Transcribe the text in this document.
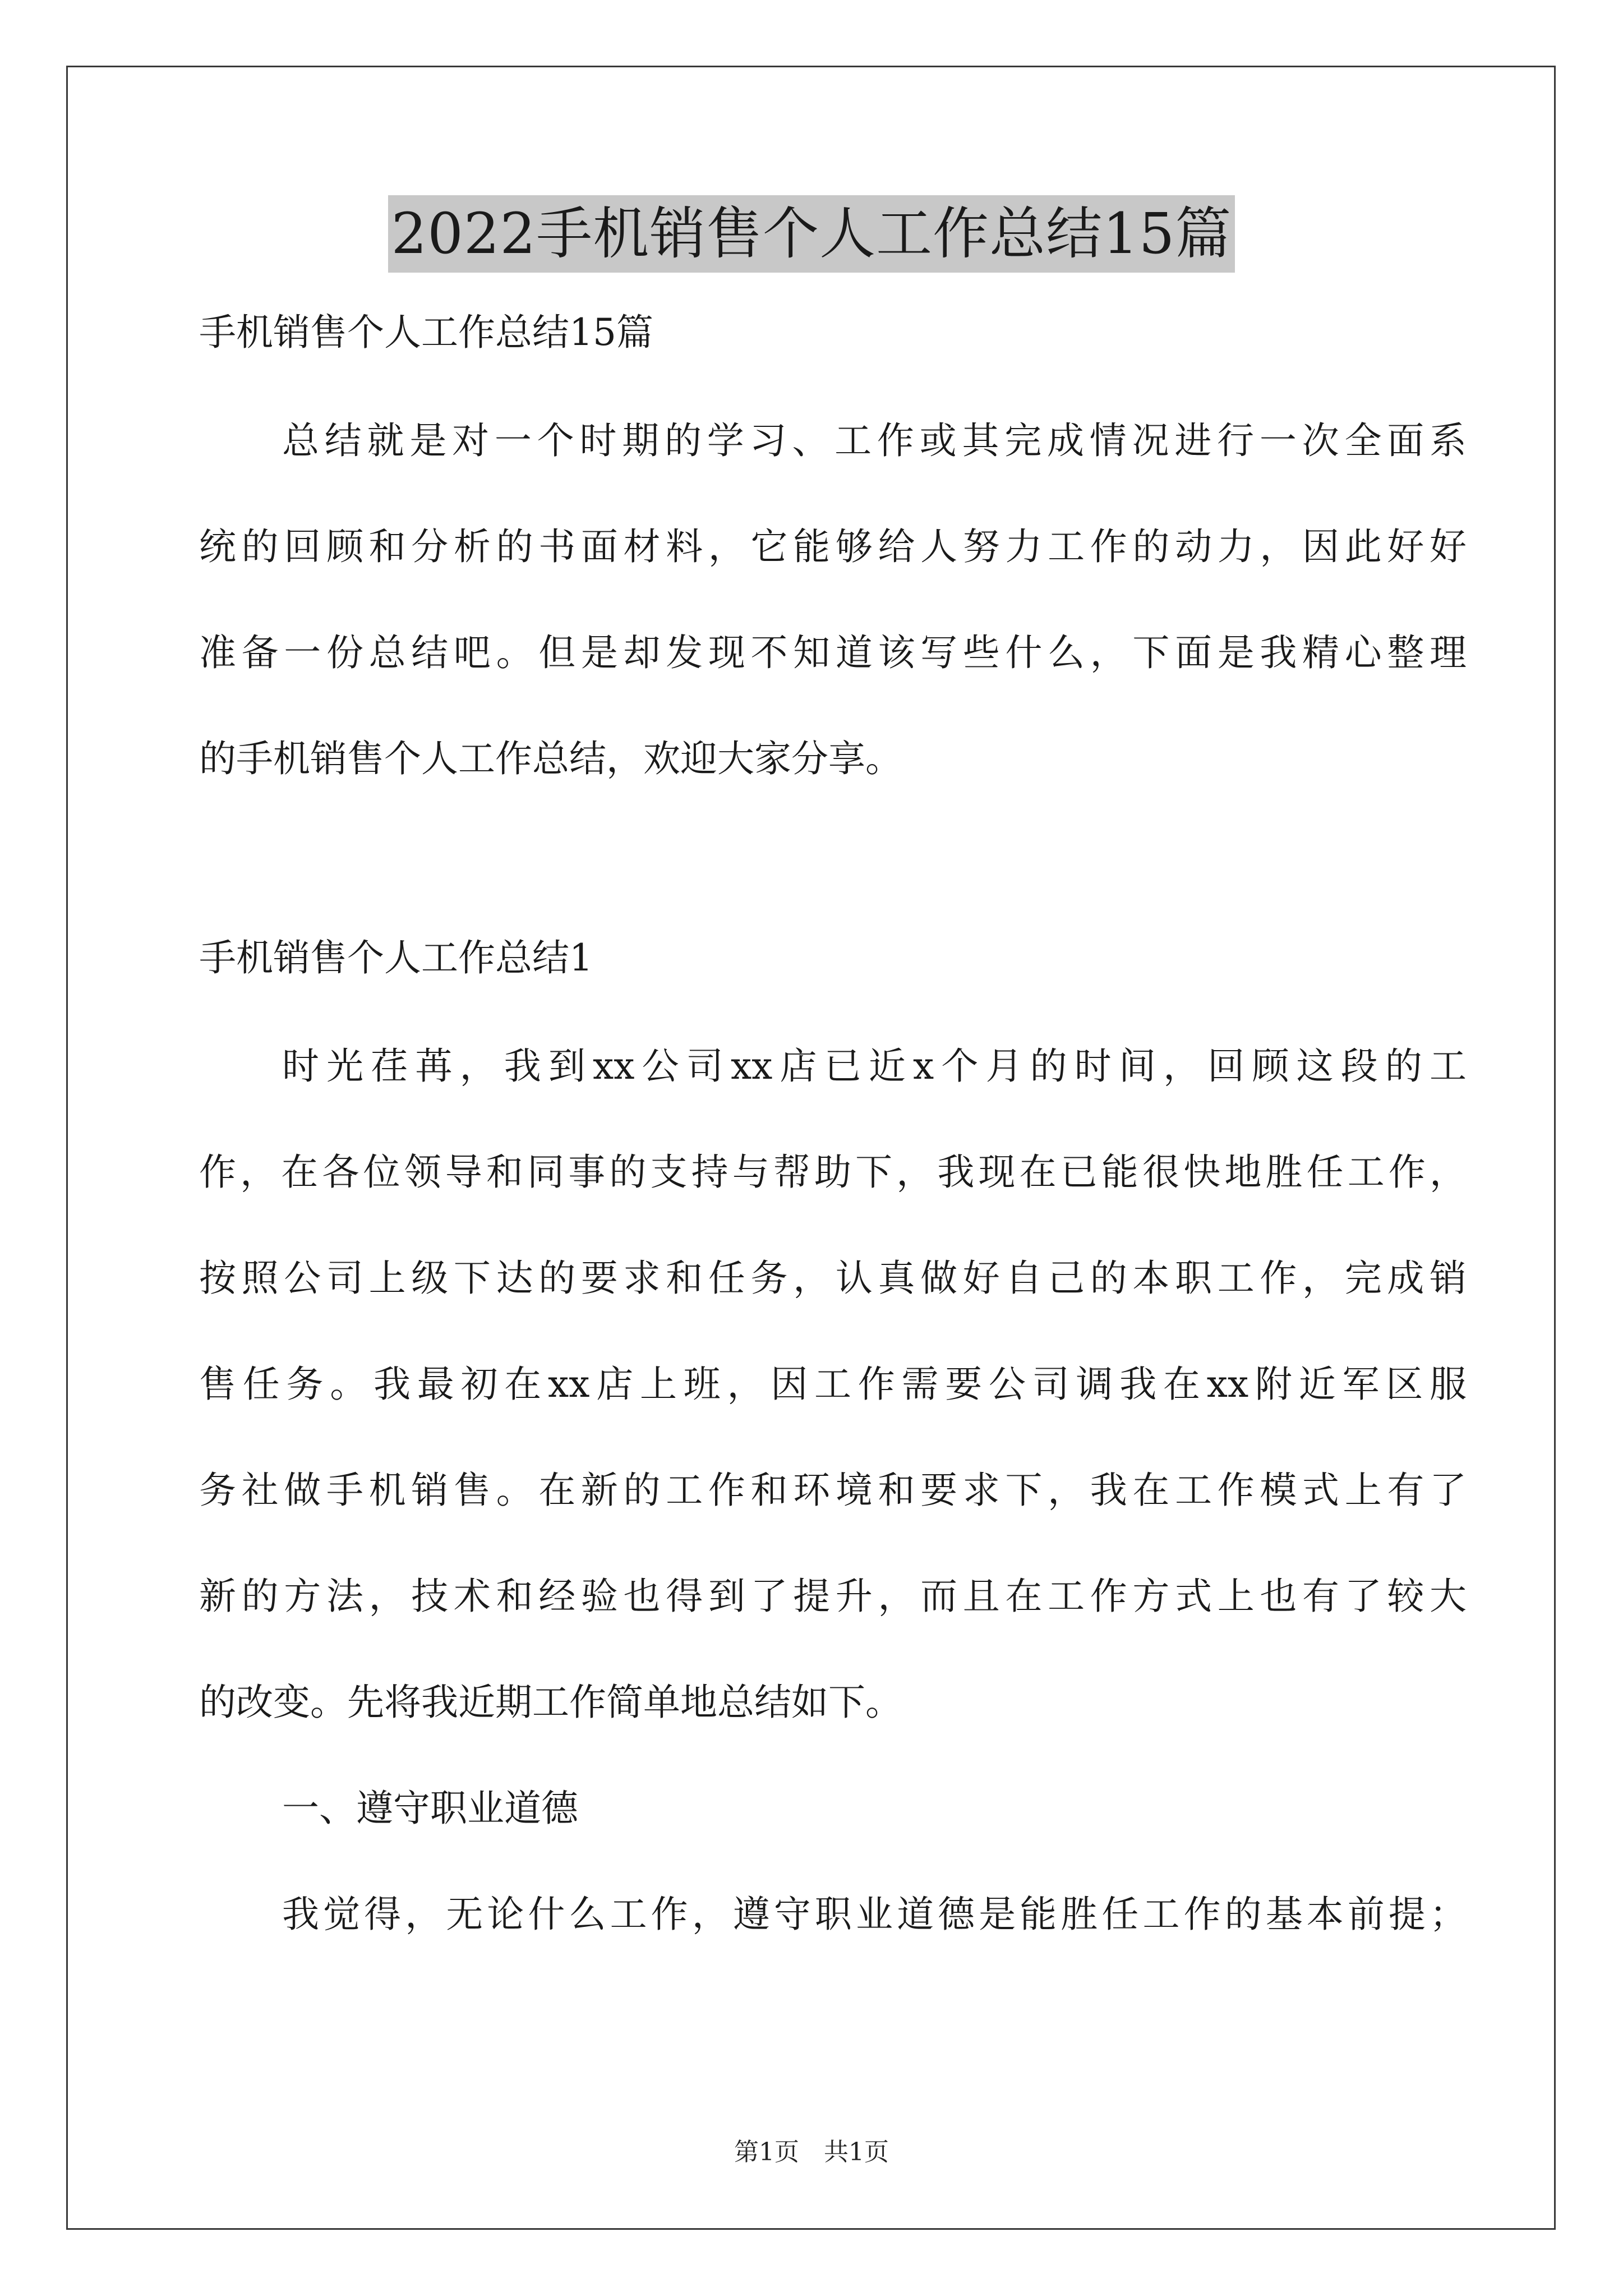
2022手机销售个人工作总结15篇

手机销售个人工作总结15篇

总结就是对一个时期的学习、工作或其完成情况进行一次全面系

统的回顾和分析的书面材料，它能够给人努力工作的动力，因此好好

准备一份总结吧。但是却发现不知道该写些什么，下面是我精心整理

的手机销售个人工作总结，欢迎大家分享。

手机销售个人工作总结1

时光荏苒，我到xx公司xx店已近x个月的时间，回顾这段的工

作，在各位领导和同事的支持与帮助下，我现在已能很快地胜任工作，

按照公司上级下达的要求和任务，认真做好自己的本职工作，完成销

售任务。我最初在xx店上班，因工作需要公司调我在xx附近军区服

务社做手机销售。在新的工作和环境和要求下，我在工作模式上有了

新的方法，技术和经验也得到了提升，而且在工作方式上也有了较大

的改变。先将我近期工作简单地总结如下。

一、遵守职业道德

我觉得，无论什么工作，遵守职业道德是能胜任工作的基本前提；

第1页　共1页
